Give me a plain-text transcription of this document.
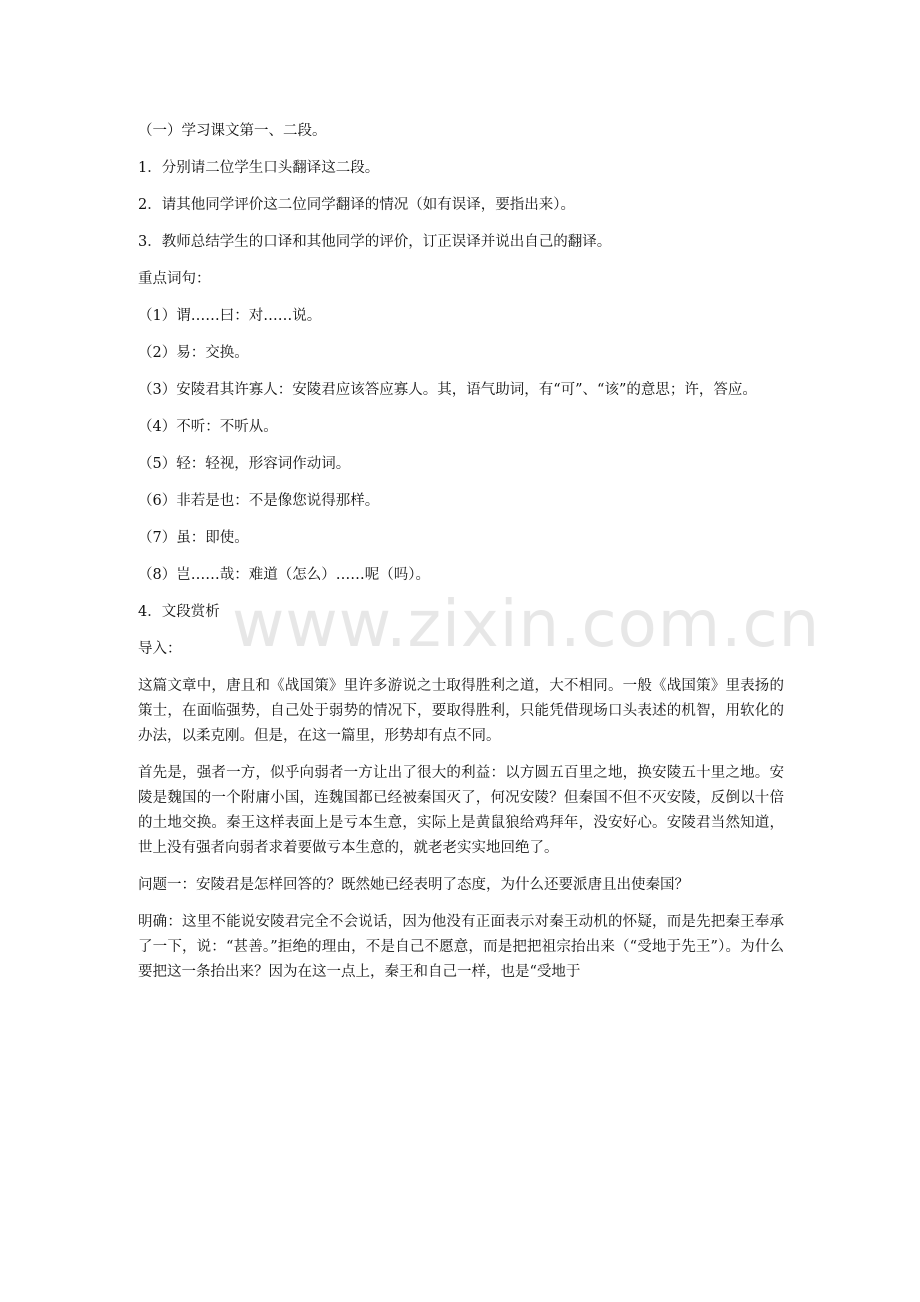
（一）学习课文第一、二段。

1．分别请二位学生口头翻译这二段。

2．请其他同学评价这二位同学翻译的情况（如有误译，要指出来）。

3．教师总结学生的口译和其他同学的评价，订正误译并说出自己的翻译。

重点词句：

（1）谓……曰：对……说。

（2）易：交换。

（3）安陵君其许寡人：安陵君应该答应寡人。其，语气助词，有“可”、“该”的意思；许，答应。

（4）不听：不听从。

（5）轻：轻视，形容词作动词。

（6）非若是也：不是像您说得那样。

（7）虽：即使。

（8）岂……哉：难道（怎么）……呢（吗）。

4．文段赏析

导入：

这篇文章中，唐且和《战国策》里许多游说之士取得胜利之道，大不相同。一般《战国策》里表扬的策士，在面临强势，自己处于弱势的情况下，要取得胜利，只能凭借现场口头表述的机智，用软化的办法，以柔克刚。但是，在这一篇里，形势却有点不同。

首先是，强者一方，似乎向弱者一方让出了很大的利益：以方圆五百里之地，换安陵五十里之地。安陵是魏国的一个附庸小国，连魏国都已经被秦国灭了，何况安陵？但秦国不但不灭安陵，反倒以十倍的土地交换。秦王这样表面上是亏本生意，实际上是黄鼠狼给鸡拜年，没安好心。安陵君当然知道，世上没有强者向弱者求着要做亏本生意的，就老老实实地回绝了。

问题一：安陵君是怎样回答的？既然她已经表明了态度，为什么还要派唐且出使秦国？

明确：这里不能说安陵君完全不会说话，因为他没有正面表示对秦王动机的怀疑，而是先把秦王奉承了一下，说：“甚善。”拒绝的理由，不是自己不愿意，而是把把祖宗抬出来（“受地于先王”）。为什么要把这一条抬出来？因为在这一点上，秦王和自己一样，也是“受地于

www.zixin.com.cn
